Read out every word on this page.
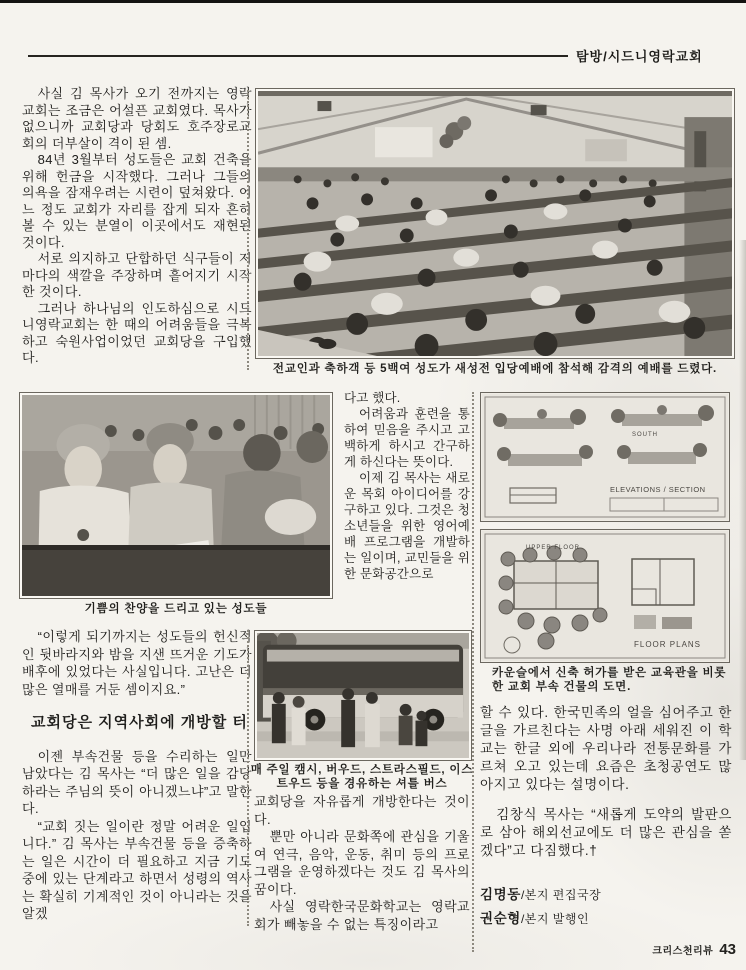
탐방/시드니영락교회

사실 김 목사가 오기 전까지는 영락교회는 조금은 어설픈 교회였다. 목사가 없으니까 교회당과 당회도 호주장로교회의 더부살이 격이 된 셈.

84년 3월부터 성도들은 교회 건축을 위해 헌금을 시작했다. 그러나 그들의 의욕을 잠재우려는 시련이 덮쳐왔다. 어느 정도 교회가 자리를 잡게 되자 흔히 볼 수 있는 분열이 이곳에서도 재현된 것이다.

서로 의지하고 단합하던 식구들이 저마다의 색깔을 주장하며 흩어지기 시작한 것이다.

그러나 하나님의 인도하심으로 시드니영락교회는 한 때의 어려움들을 극복하고 숙원사업이었던 교회당을 구입했다.

전교인과 축하객 등 5백여 성도가 새성전 입당예배에 참석해 감격의 예배를 드렸다.
기쁨의 찬양을 드리고 있는 성도들

다고 했다.

어려움과 훈련을 통하여 믿음을 주시고 고백하게 하시고 간구하게 하신다는 뜻이다.

이제 김 목사는 새로운 목회 아이디어를 강구하고 있다. 그것은 청소년들을 위한 영어예배 프로그램을 개발하는 일이며, 교민들을 위한 문화공간으로

SOUTH
ELEVATIONS / SECTION
UPPER FLOOR
FLOOR PLANS
카운슬에서 신축 허가를 받은 교육관을 비롯한 교회 부속 건물의 도면.
매 주일 캠시, 버우드, 스트라스필드, 이스트우드 등을 경유하는 셔틀 버스

“이렇게 되기까지는 성도들의 헌신적인 뒷바라지와 밤을 지샌 뜨거운 기도가 배후에 있었다는 사실입니다. 고난은 더 많은 열매를 거둔 셈이지요.”

교회당은 지역사회에 개방할 터

이젠 부속건물 등을 수리하는 일만 남았다는 김 목사는 “더 많은 일을 감당하라는 주님의 뜻이 아니겠느냐”고 말한다.

“교회 짓는 일이란 정말 어려운 일입니다.” 김 목사는 부속건물 등을 증축하는 일은 시간이 더 필요하고 지금 기도 중에 있는 단계라고 하면서 성령의 역사는 확실히 기계적인 것이 아니라는 것을 알겠

교회당을 자유롭게 개방한다는 것이다.

뿐만 아니라 문화쪽에 관심을 기울여 연극, 음악, 운동, 취미 등의 프로그램을 운영하겠다는 것도 김 목사의 꿈이다.

사실 영락한국문화학교는 영락교회가 빼놓을 수 없는 특징이라고

할 수 있다. 한국민족의 얼을 심어주고 한글을 가르친다는 사명 아래 세워진 이 학교는 한글 외에 우리나라 전통문화를 가르쳐 오고 있는데 요즘은 초청공연도 많아지고 있다는 설명이다.

김창식 목사는 “새롭게 도약의 발판으로 삼아 해외선교에도 더 많은 관심을 쏟겠다”고 다짐했다.†

김명동/본지 편집국장
권순형/본지 발행인
크리스천리뷰 43
